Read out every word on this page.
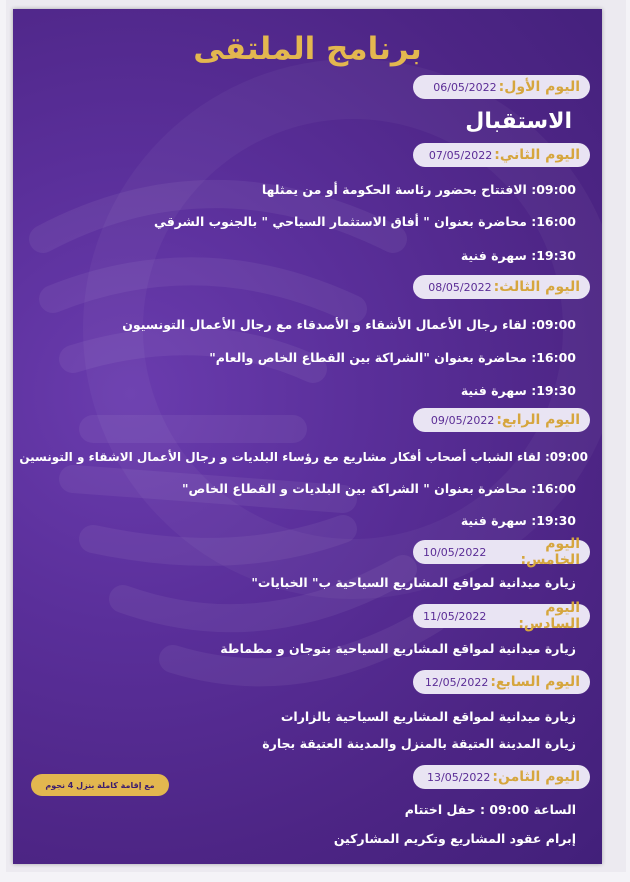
برنامج الملتقى
اليوم الأول:
06/05/2022
الاستقبال
اليوم الثاني:
07/05/2022
09:00: الافتتاح بحضور رئاسة الحكومة أو من يمثلها
16:00: محاضرة بعنوان " أفاق الاستثمار السياحي " بالجنوب الشرقي
19:30: سهرة فنية
اليوم الثالث:
08/05/2022
09:00: لقاء رجال الأعمال الأشقاء و الأصدقاء مع رجال الأعمال التونسيون
16:00: محاضرة بعنوان "الشراكة بين القطاع الخاص والعام"
19:30: سهرة فنية
اليوم الرابع:
09/05/2022
09:00: لقاء الشباب أصحاب أفكار مشاريع مع رؤساء البلديات و رجال الأعمال الاشقاء و التونسين
16:00: محاضرة بعنوان " الشراكة بين البلديات و القطاع الخاص"
19:30: سهرة فنية
اليوم الخامس:
10/05/2022
زيارة ميدانية لمواقع المشاريع السياحية ب" الخبايات"
اليوم السادس:
11/05/2022
زيارة ميدانية لمواقع المشاريع السياحية بتوجان و مطماطة
اليوم السابع:
12/05/2022
زيارة ميدانية لمواقع المشاريع السياحية بالزارات
زيارة المدينة العتيقة بالمنزل والمدينة العتيقة بجارة
اليوم الثامن:
13/05/2022
الساعة 09:00 : حفل اختتام
إبرام عقود المشاريع وتكريم المشاركين
مع إقامة كاملة بنزل 4 نجوم
